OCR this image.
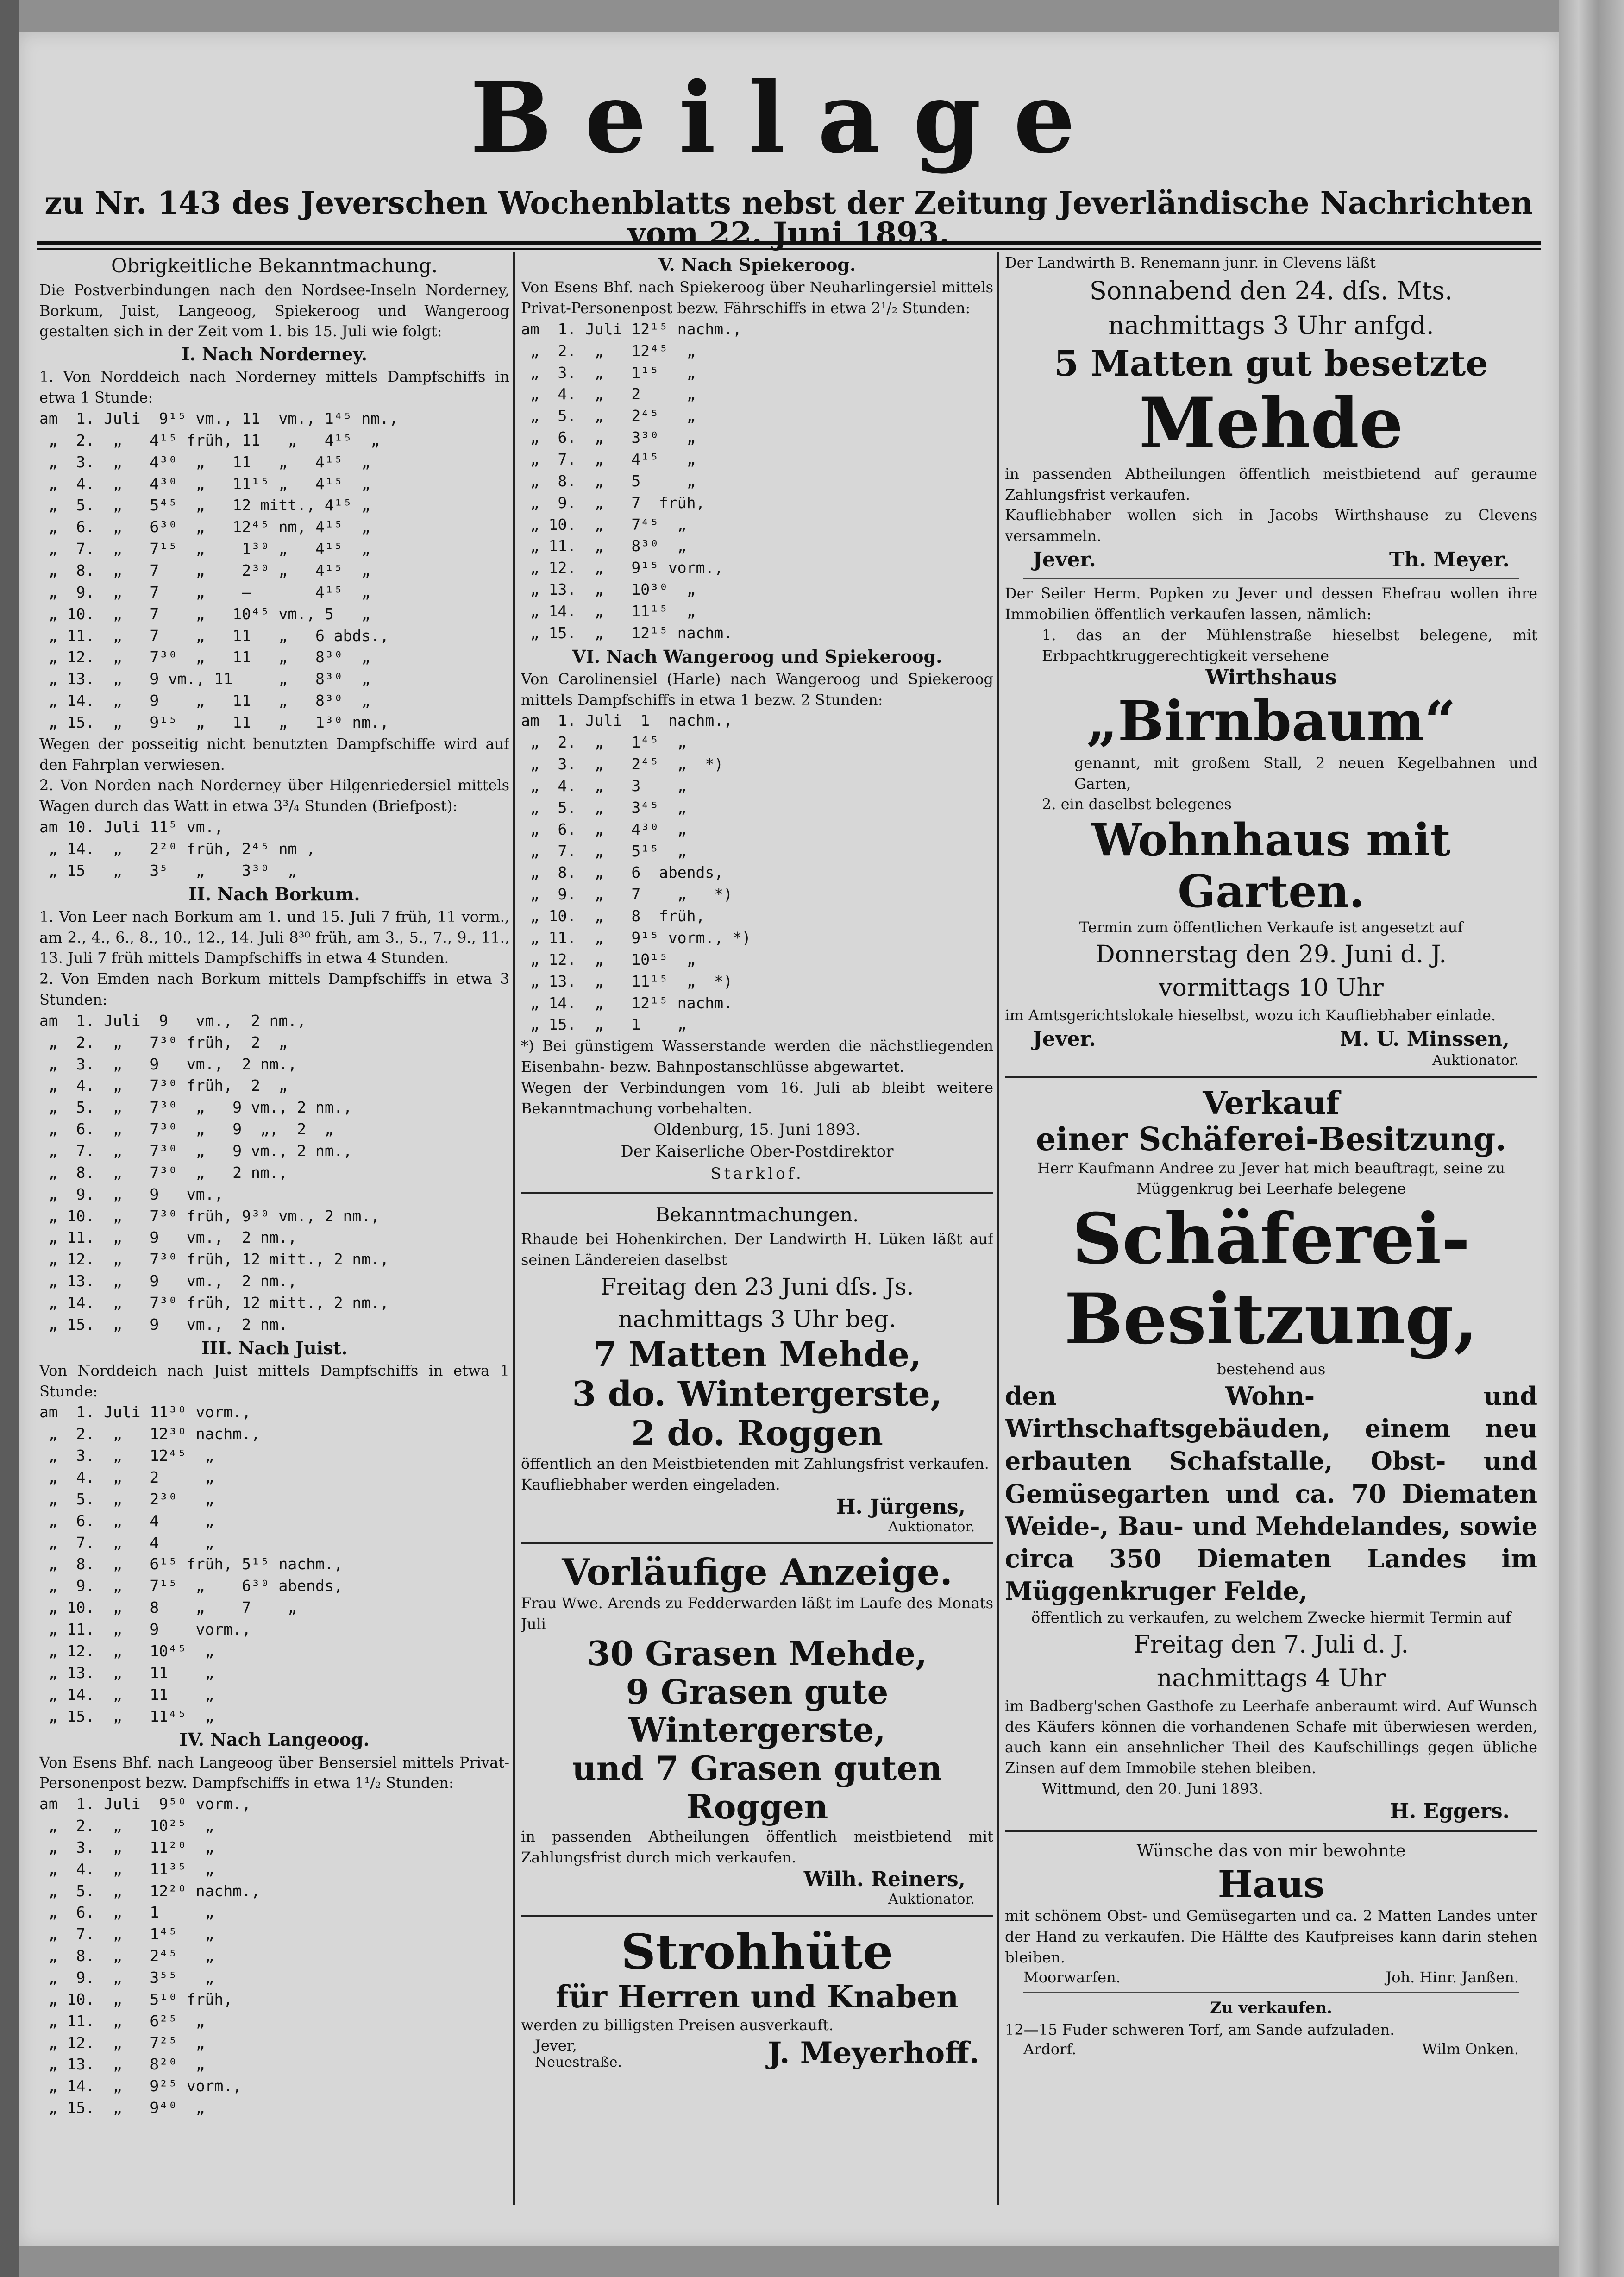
Beilage
zu Nr. 143 des Jeverschen Wochenblatts nebst der Zeitung Jeverländische Nachrichten vom 22. Juni 1893.
Obrigkeitliche Bekanntmachung.
Die Postverbindungen nach den Nordsee-Inseln Norderney, Borkum, Juist, Langeoog, Spiekeroog und Wangeroog gestalten sich in der Zeit vom 1. bis 15. Juli wie folgt:
I. Nach Norderney.
1. Von Norddeich nach Norderney mittels Dampfschiffs in etwa 1 Stunde:
am  1. Juli  9¹⁵ vm., 11  vm., 1⁴⁵ nm.,
„  2.  „   4¹⁵ früh, 11   „   4¹⁵  „
„  3.  „   4³⁰  „   11   „   4¹⁵  „
„  4.  „   4³⁰  „   11¹⁵ „   4¹⁵  „
„  5.  „   5⁴⁵  „   12 mitt., 4¹⁵ „
„  6.  „   6³⁰  „   12⁴⁵ nm, 4¹⁵  „
„  7.  „   7¹⁵  „    1³⁰ „   4¹⁵  „
„  8.  „   7    „    2³⁰ „   4¹⁵  „
„  9.  „   7    „    —       4¹⁵  „
„ 10.  „   7    „   10⁴⁵ vm., 5   „
„ 11.  „   7    „   11   „   6 abds.,
„ 12.  „   7³⁰  „   11   „   8³⁰  „
„ 13.  „   9 vm., 11     „   8³⁰  „
„ 14.  „   9    „   11   „   8³⁰  „
„ 15.  „   9¹⁵  „   11   „   1³⁰ nm.,
Wegen der posseitig nicht benutzten Dampfschiffe wird auf den Fahrplan verwiesen.
2. Von Norden nach Norderney über Hilgenriedersiel mittels Wagen durch das Watt in etwa 3³/₄ Stunden (Briefpost):
am 10. Juli 11⁵ vm.,
„ 14.  „   2²⁰ früh, 2⁴⁵ nm ,
„ 15   „   3⁵   „    3³⁰  „
II. Nach Borkum.
1. Von Leer nach Borkum am 1. und 15. Juli 7 früh, 11 vorm., am 2., 4., 6., 8., 10., 12., 14. Juli 8³⁰ früh, am 3., 5., 7., 9., 11., 13. Juli 7 früh mittels Dampfschiffs in etwa 4 Stunden.
2. Von Emden nach Borkum mittels Dampfschiffs in etwa 3 Stunden:
am  1. Juli  9   vm.,  2 nm.,
„  2.  „   7³⁰ früh,  2  „
„  3.  „   9   vm.,  2 nm.,
„  4.  „   7³⁰ früh,  2  „
„  5.  „   7³⁰  „   9 vm., 2 nm.,
„  6.  „   7³⁰  „   9  „,  2  „
„  7.  „   7³⁰  „   9 vm., 2 nm.,
„  8.  „   7³⁰  „   2 nm.,
„  9.  „   9   vm.,
„ 10.  „   7³⁰ früh, 9³⁰ vm., 2 nm.,
„ 11.  „   9   vm.,  2 nm.,
„ 12.  „   7³⁰ früh, 12 mitt., 2 nm.,
„ 13.  „   9   vm.,  2 nm.,
„ 14.  „   7³⁰ früh, 12 mitt., 2 nm.,
„ 15.  „   9   vm.,  2 nm.
III. Nach Juist.
Von Norddeich nach Juist mittels Dampfschiffs in etwa 1 Stunde:
am  1. Juli 11³⁰ vorm.,
„  2.  „   12³⁰ nachm.,
„  3.  „   12⁴⁵  „
„  4.  „   2     „
„  5.  „   2³⁰   „
„  6.  „   4     „
„  7.  „   4     „
„  8.  „   6¹⁵ früh, 5¹⁵ nachm.,
„  9.  „   7¹⁵  „    6³⁰ abends,
„ 10.  „   8    „    7    „
„ 11.  „   9    vorm.,
„ 12.  „   10⁴⁵  „
„ 13.  „   11    „
„ 14.  „   11    „
„ 15.  „   11⁴⁵  „
IV. Nach Langeoog.
Von Esens Bhf. nach Langeoog über Bensersiel mittels Privat-Personenpost bezw. Dampfschiffs in etwa 1¹/₂ Stunden:
am  1. Juli  9⁵⁰ vorm.,
„  2.  „   10²⁵  „
„  3.  „   11²⁰  „
„  4.  „   11³⁵  „
„  5.  „   12²⁰ nachm.,
„  6.  „   1     „
„  7.  „   1⁴⁵   „
„  8.  „   2⁴⁵   „
„  9.  „   3⁵⁵   „
„ 10.  „   5¹⁰ früh,
„ 11.  „   6²⁵  „
„ 12.  „   7²⁵  „
„ 13.  „   8²⁰  „
„ 14.  „   9²⁵ vorm.,
„ 15.  „   9⁴⁰  „
V. Nach Spiekeroog.
Von Esens Bhf. nach Spiekeroog über Neuharlingersiel mittels Privat-Personenpost bezw. Fährschiffs in etwa 2¹/₂ Stunden:
am  1. Juli 12¹⁵ nachm.,
„  2.  „   12⁴⁵  „
„  3.  „   1¹⁵   „
„  4.  „   2     „
„  5.  „   2⁴⁵   „
„  6.  „   3³⁰   „
„  7.  „   4¹⁵   „
„  8.  „   5     „
„  9.  „   7  früh,
„ 10.  „   7⁴⁵  „
„ 11.  „   8³⁰  „
„ 12.  „   9¹⁵ vorm.,
„ 13.  „   10³⁰  „
„ 14.  „   11¹⁵  „
„ 15.  „   12¹⁵ nachm.
VI. Nach Wangeroog und Spiekeroog.
Von Carolinensiel (Harle) nach Wangeroog und Spiekeroog mittels Dampfschiffs in etwa 1 bezw. 2 Stunden:
am  1. Juli  1  nachm.,
„  2.  „   1⁴⁵  „
„  3.  „   2⁴⁵  „  *)
„  4.  „   3    „
„  5.  „   3⁴⁵  „
„  6.  „   4³⁰  „
„  7.  „   5¹⁵  „
„  8.  „   6  abends,
„  9.  „   7    „   *)
„ 10.  „   8  früh,
„ 11.  „   9¹⁵ vorm., *)
„ 12.  „   10¹⁵  „
„ 13.  „   11¹⁵  „  *)
„ 14.  „   12¹⁵ nachm.
„ 15.  „   1    „
*) Bei günstigem Wasserstande werden die nächstliegenden Eisenbahn- bezw. Bahnpostanschlüsse abgewartet.
Wegen der Verbindungen vom 16. Juli ab bleibt weitere Bekanntmachung vorbehalten.
Oldenburg, 15. Juni 1893.
Der Kaiserliche Ober-Postdirektor
Starklof.
Bekanntmachungen.
Rhaude bei Hohenkirchen. Der Landwirth H. Lüken läßt auf seinen Ländereien daselbst
Freitag den 23 Juni dſs. Js.
nachmittags 3 Uhr beg.
7 Matten Mehde,
3 do. Wintergerste,
2 do. Roggen
öffentlich an den Meistbietenden mit Zahlungsfrist verkaufen.
Kaufliebhaber werden eingeladen.
H. Jürgens,
Auktionator.
Vorläufige Anzeige.
Frau Wwe. Arends zu Fedderwarden läßt im Laufe des Monats Juli
30 Grasen Mehde,
9 Grasen gute Wintergerste,
und 7 Grasen guten Roggen
in passenden Abtheilungen öffentlich meistbietend mit Zahlungsfrist durch mich verkaufen.
Wilh. Reiners,
Auktionator.
Strohhüte
für Herren und Knaben
werden zu billigsten Preisen ausverkauft.
Jever,
Neuestraße.	J. Meyerhoff.
Der Landwirth B. Renemann junr. in Clevens läßt
Sonnabend den 24. dſs. Mts.
nachmittags 3 Uhr anfgd.
5 Matten gut besetzte
Mehde
in passenden Abtheilungen öffentlich meistbietend auf geraume Zahlungsfrist verkaufen.
Kaufliebhaber wollen sich in Jacobs Wirthshause zu Clevens versammeln.
Jever.	Th. Meyer.
Der Seiler Herm. Popken zu Jever und dessen Ehefrau wollen ihre Immobilien öffentlich verkaufen lassen, nämlich:
1. das an der Mühlenstraße hieselbst belegene, mit Erbpachtkruggerechtigkeit versehene
Wirthshaus
„Birnbaum“
genannt, mit großem Stall, 2 neuen Kegelbahnen und Garten,
2. ein daselbst belegenes
Wohnhaus mit Garten.
Termin zum öffentlichen Verkaufe ist angesetzt auf
Donnerstag den 29. Juni d. J.
vormittags 10 Uhr
im Amtsgerichtslokale hieselbst, wozu ich Kaufliebhaber einlade.
Jever.	M. U. Minssen,
Auktionator.
Verkauf
einer Schäferei-Besitzung.
Herr Kaufmann Andree zu Jever hat mich beauftragt, seine zu Müggenkrug bei Leerhafe belegene
Schäferei-
Besitzung,
bestehend aus
den Wohn- und Wirthschaftsgebäuden, einem neu erbauten Schafstalle, Obst- und Gemüsegarten und ca. 70 Diematen Weide-, Bau- und Mehdelandes, sowie circa 350 Diematen Landes im Müggenkruger Felde,
öffentlich zu verkaufen, zu welchem Zwecke hiermit Termin auf
Freitag den 7. Juli d. J.
nachmittags 4 Uhr
im Badberg'schen Gasthofe zu Leerhafe anberaumt wird. Auf Wunsch des Käufers können die vorhandenen Schafe mit überwiesen werden, auch kann ein ansehnlicher Theil des Kaufschillings gegen übliche Zinsen auf dem Immobile stehen bleiben.
Wittmund, den 20. Juni 1893.
H. Eggers.
Wünsche das von mir bewohnte
Haus
mit schönem Obst- und Gemüsegarten und ca. 2 Matten Landes unter der Hand zu verkaufen. Die Hälfte des Kaufpreises kann darin stehen bleiben.
Moorwarfen.	Joh. Hinr. Janßen.
Zu verkaufen.
12—15 Fuder schweren Torf, am Sande aufzuladen.
Ardorf.	Wilm Onken.
